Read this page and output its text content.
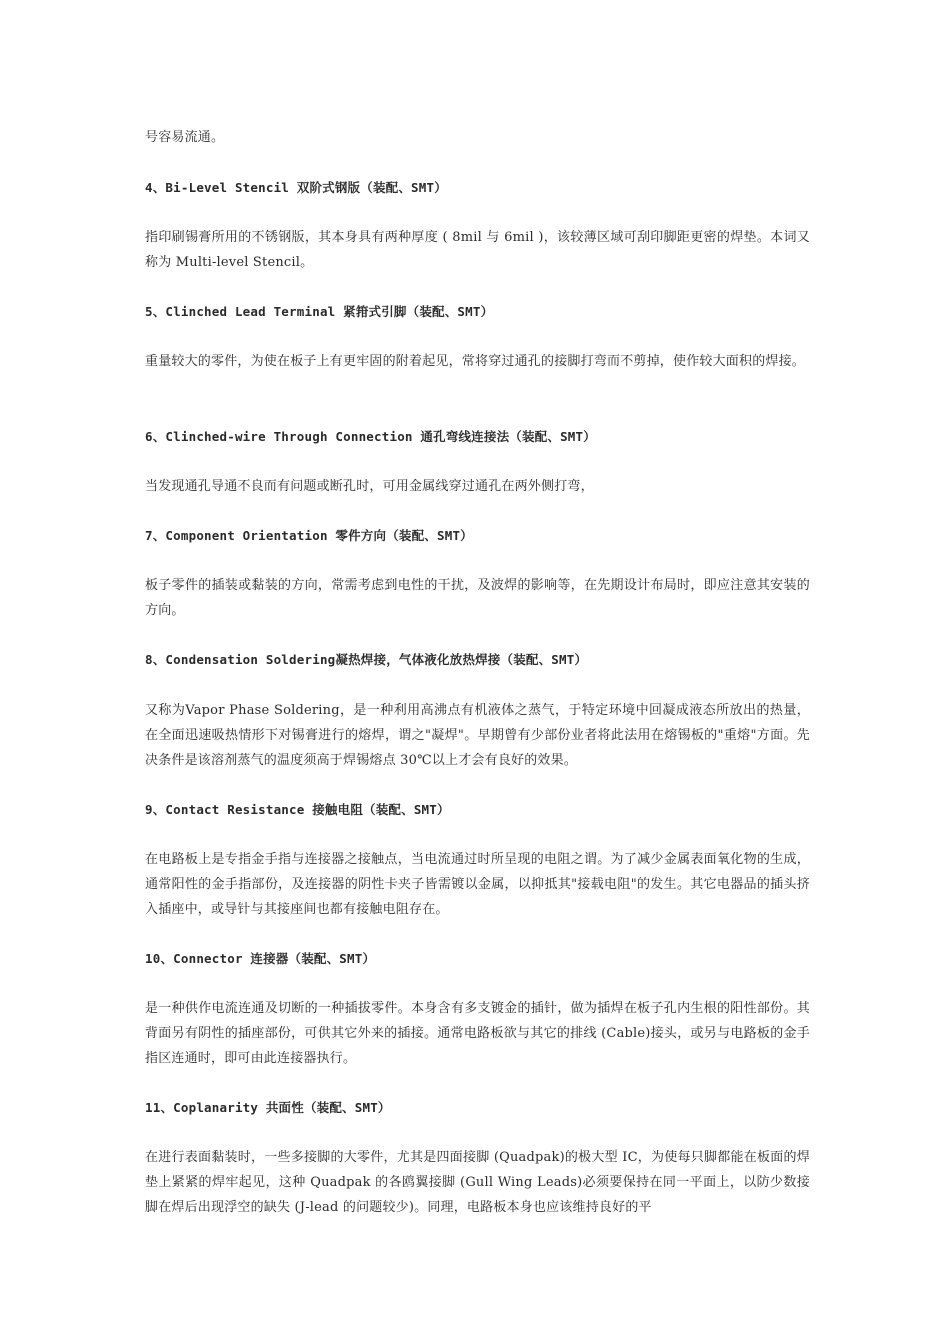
号容易流通。
4、Bi-Level Stencil 双阶式钢版（装配、SMT）
指印刷锡膏所用的不锈钢版，其本身具有两种厚度 ( 8mil 与 6mil )，该较薄区域可刮印脚距更密的焊垫。本词又称为 Multi-level Stencil。
5、Clinched Lead Terminal 紧箝式引脚（装配、SMT）
重量较大的零件，为使在板子上有更牢固的附着起见，常将穿过通孔的接脚打弯而不剪掉，使作较大面积的焊接。
6、Clinched-wire Through Connection 通孔弯线连接法（装配、SMT）
当发现通孔导通不良而有问题或断孔时，可用金属线穿过通孔在两外侧打弯，
7、Component Orientation 零件方向（装配、SMT）
板子零件的插装或黏装的方向，常需考虑到电性的干扰，及波焊的影响等，在先期设计布局时，即应注意其安装的方向。
8、Condensation Soldering凝热焊接，气体液化放热焊接（装配、SMT）
又称为Vapor Phase Soldering，是一种利用高沸点有机液体之蒸气，于特定环境中回凝成液态所放出的热量，在全面迅速吸热情形下对锡膏进行的熔焊，谓之"凝焊"。早期曾有少部份业者将此法用在熔锡板的"重熔"方面。先决条件是该溶剂蒸气的温度须高于焊锡熔点 30℃以上才会有良好的效果。
9、Contact Resistance 接触电阻（装配、SMT）
在电路板上是专指金手指与连接器之接触点，当电流通过时所呈现的电阻之谓。为了减少金属表面氧化物的生成，通常阳性的金手指部份，及连接器的阴性卡夹子皆需镀以金属，以抑抵其"接载电阻"的发生。其它电器品的插头挤入插座中，或导针与其接座间也都有接触电阻存在。
10、Connector 连接器（装配、SMT）
是一种供作电流连通及切断的一种插拔零件。本身含有多支镀金的插针，做为插焊在板子孔内生根的阳性部份。其背面另有阴性的插座部份，可供其它外来的插接。通常电路板欲与其它的排线 (Cable)接头，或另与电路板的金手指区连通时，即可由此连接器执行。
11、Coplanarity 共面性（装配、SMT）
在进行表面黏装时，一些多接脚的大零件，尤其是四面接脚 (Quadpak)的极大型 IC，为使每只脚都能在板面的焊垫上紧紧的焊牢起见，这种 Quadpak 的各鸥翼接脚 (Gull Wing Leads)必须要保持在同一平面上，以防少数接脚在焊后出现浮空的缺失 (J-lead 的问题较少)。同理，电路板本身也应该维持良好的平
